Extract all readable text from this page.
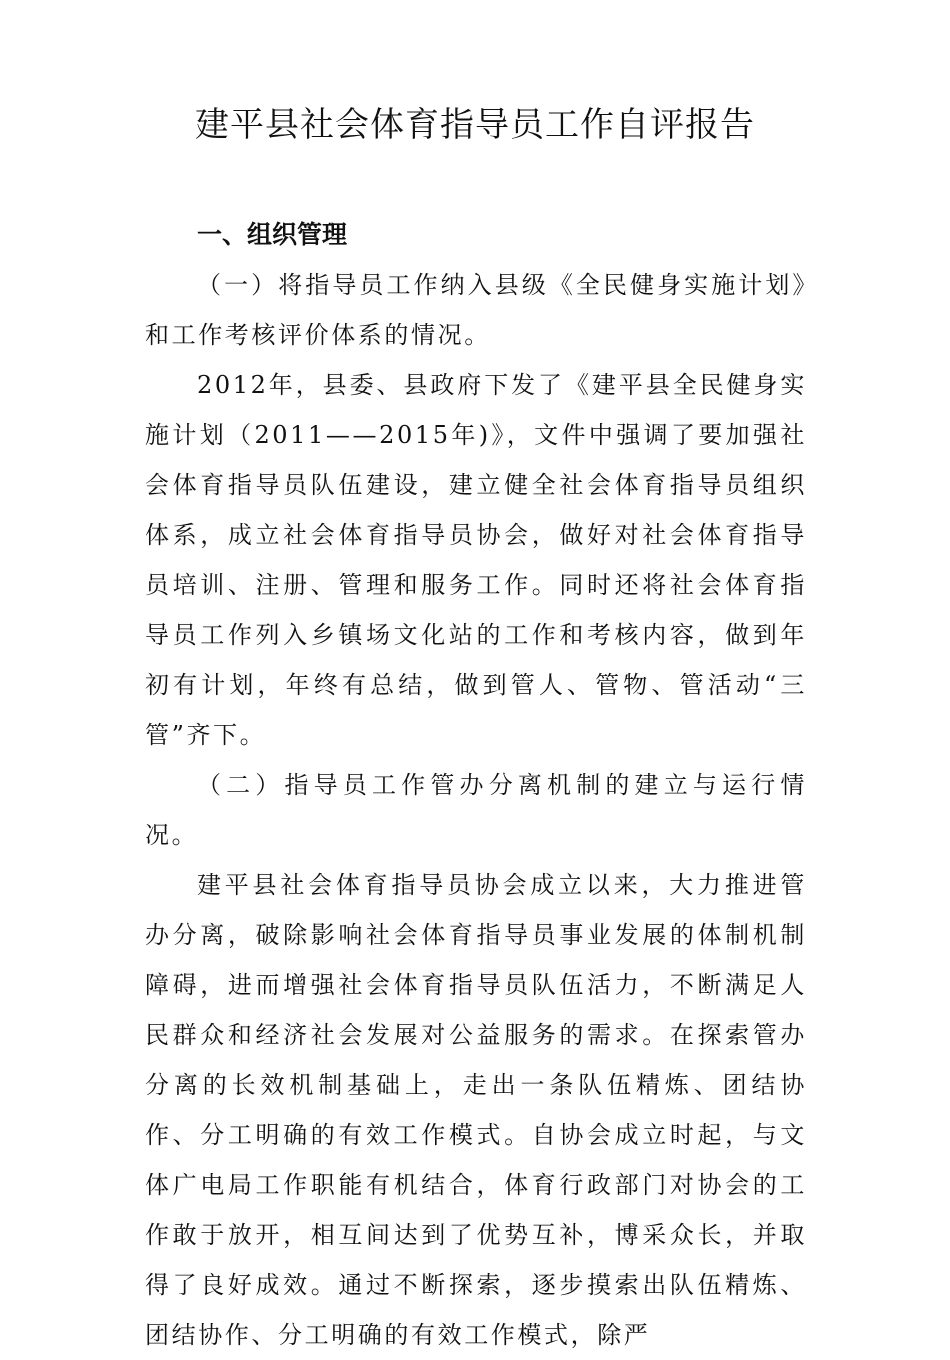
建平县社会体育指导员工作自评报告

一、组织管理

（一）将指导员工作纳入县级《全民健身实施计划》和工作考核评价体系的情况。

2012年，县委、县政府下发了《建平县全民健身实施计划（2011——2015年)》，文件中强调了要加强社会体育指导员队伍建设，建立健全社会体育指导员组织体系，成立社会体育指导员协会，做好对社会体育指导员培训、注册、管理和服务工作。同时还将社会体育指导员工作列入乡镇场文化站的工作和考核内容，做到年初有计划，年终有总结，做到管人、管物、管活动“三管”齐下。

（二）指导员工作管办分离机制的建立与运行情况。

建平县社会体育指导员协会成立以来，大力推进管办分离，破除影响社会体育指导员事业发展的体制机制障碍，进而增强社会体育指导员队伍活力，不断满足人民群众和经济社会发展对公益服务的需求。在探索管办分离的长效机制基础上，走出一条队伍精炼、团结协作、分工明确的有效工作模式。自协会成立时起，与文体广电局工作职能有机结合，体育行政部门对协会的工作敢于放开，相互间达到了优势互补，博采众长，并取得了良好成效。通过不断探索，逐步摸索出队伍精炼、团结协作、分工明确的有效工作模式，除严
